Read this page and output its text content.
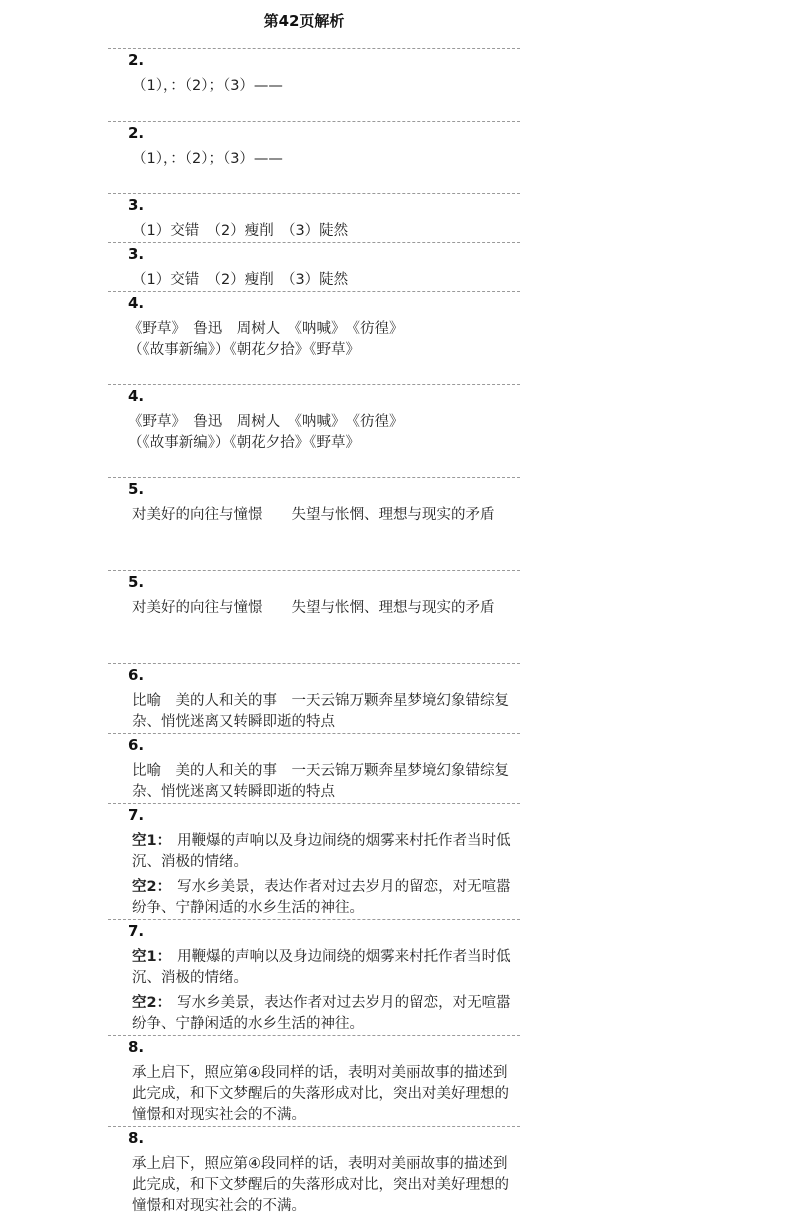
第42页解析
2.
（1），：（2）；（3）——
2.
（1），：（2）；（3）——
3.
（1）交错　（2）瘦削　（3）陡然
3.
（1）交错　（2）瘦削　（3）陡然
4.
《野草》　鲁迅　周树人　《呐喊》　《彷徨》
（《故事新编》）《朝花夕拾》《野草》
4.
《野草》　鲁迅　周树人　《呐喊》　《彷徨》
（《故事新编》）《朝花夕拾》《野草》
5.
对美好的向往与憧憬　　失望与怅惘、理想与现实的矛盾
5.
对美好的向往与憧憬　　失望与怅惘、理想与现实的矛盾
6.
比喻　美的人和关的事　一天云锦万颗奔星梦境幻象错综复杂、悄恍迷离又转瞬即逝的特点
6.
比喻　美的人和关的事　一天云锦万颗奔星梦境幻象错综复杂、悄恍迷离又转瞬即逝的特点
7.
空1： 用鞭爆的声响以及身边闹绕的烟雾来村托作者当时低沉、消极的情绪。
空2： 写水乡美景，表达作者对过去岁月的留恋，对无喧嚣纷争、宁静闲适的水乡生活的神往。
7.
空1： 用鞭爆的声响以及身边闹绕的烟雾来村托作者当时低沉、消极的情绪。
空2： 写水乡美景，表达作者对过去岁月的留恋，对无喧嚣纷争、宁静闲适的水乡生活的神往。
8.
承上启下，照应第④段同样的话，表明对美丽故事的描述到此完成，和下文梦醒后的失落形成对比，突出对美好理想的憧憬和对现实社会的不满。
8.
承上启下，照应第④段同样的话，表明对美丽故事的描述到此完成，和下文梦醒后的失落形成对比，突出对美好理想的憧憬和对现实社会的不满。
